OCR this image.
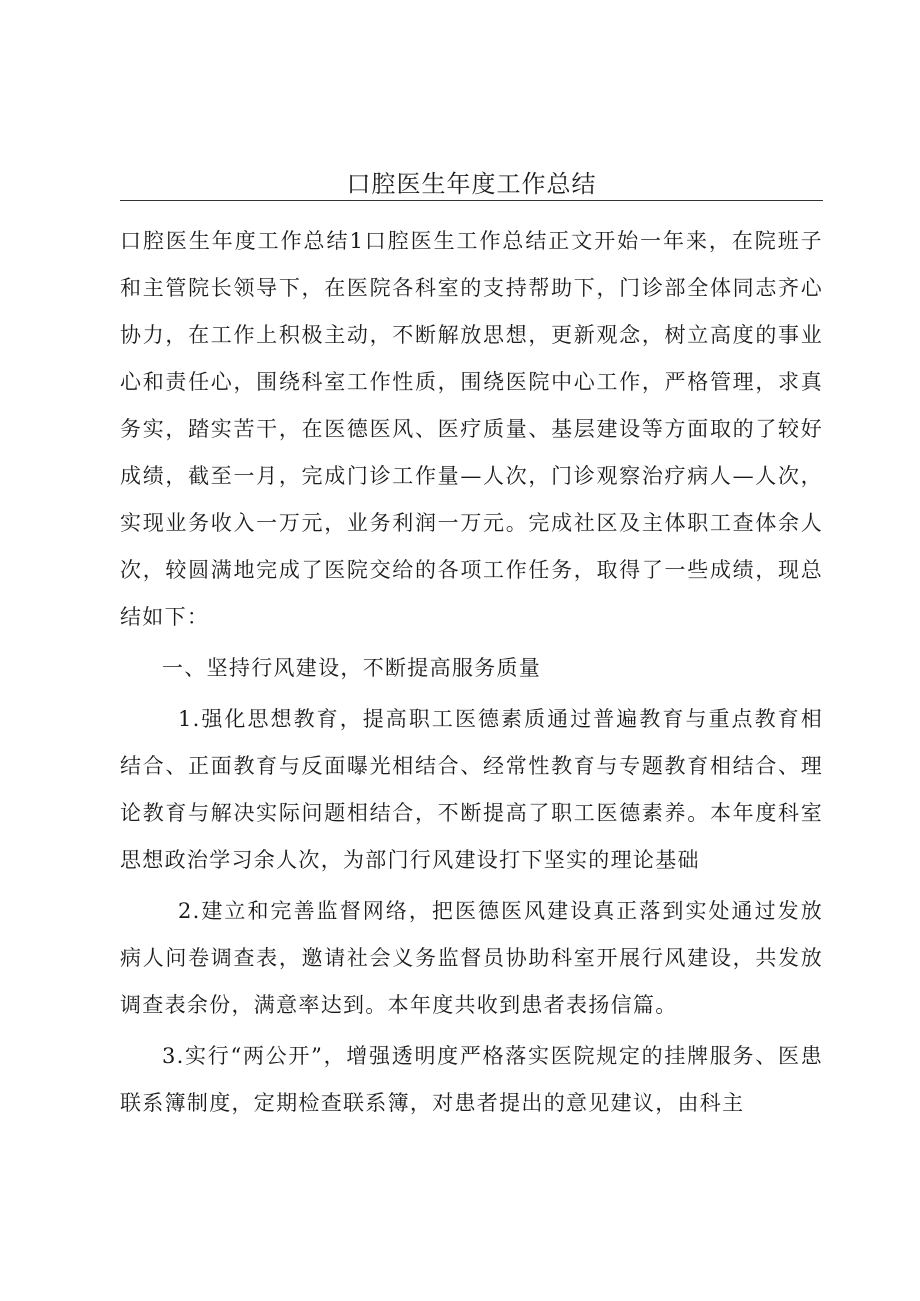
口腔医生年度工作总结

口腔医生年度工作总结1口腔医生工作总结正文开始一年来，在院班子和主管院长领导下，在医院各科室的支持帮助下，门诊部全体同志齐心协力，在工作上积极主动，不断解放思想，更新观念，树立高度的事业心和责任心，围绕科室工作性质，围绕医院中心工作，严格管理，求真务实，踏实苦干，在医德医风、医疗质量、基层建设等方面取的了较好成绩，截至一月，完成门诊工作量—人次，门诊观察治疗病人—人次，实现业务收入一万元，业务利润一万元。完成社区及主体职工查体余人次，较圆满地完成了医院交给的各项工作任务，取得了一些成绩，现总结如下：

一、坚持行风建设，不断提高服务质量

1.强化思想教育，提高职工医德素质通过普遍教育与重点教育相结合、正面教育与反面曝光相结合、经常性教育与专题教育相结合、理论教育与解决实际问题相结合，不断提高了职工医德素养。本年度科室思想政治学习余人次，为部门行风建设打下坚实的理论基础

2.建立和完善监督网络，把医德医风建设真正落到实处通过发放病人问卷调查表，邀请社会义务监督员协助科室开展行风建设，共发放调查表余份，满意率达到。本年度共收到患者表扬信篇。

3.实行“两公开”，增强透明度严格落实医院规定的挂牌服务、医患联系簿制度，定期检查联系簿，对患者提出的意见建议，由科主
